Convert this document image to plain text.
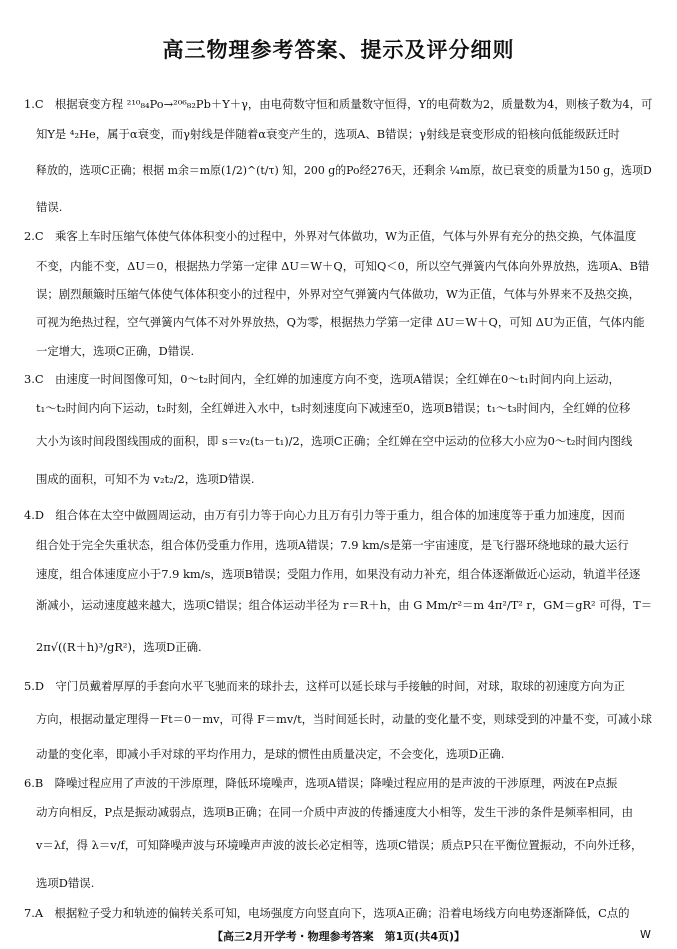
高三物理参考答案、提示及评分细则
1.C　根据衰变方程 ²¹⁰₈₄Po→²⁰⁶₈₂Pb＋Y＋γ，由电荷数守恒和质量数守恒得，Y的电荷数为2，质量数为4，则核子数为4，可
知Y是 ⁴₂He，属于α衰变，而γ射线是伴随着α衰变产生的，选项A、B错误；γ射线是衰变形成的铅核向低能级跃迁时
释放的，选项C正确；根据 m余＝m原(1/2)^(t/τ) 知，200 g的Po经276天，还剩余 ¼m原，故已衰变的质量为150 g，选项D
错误.
2.C　乘客上车时压缩气体使气体体积变小的过程中，外界对气体做功，W为正值，气体与外界有充分的热交换，气体温度
不变，内能不变，ΔU＝0，根据热力学第一定律 ΔU＝W＋Q，可知Q＜0，所以空气弹簧内气体向外界放热，选项A、B错
误；剧烈颠簸时压缩气体使气体体积变小的过程中，外界对空气弹簧内气体做功，W为正值，气体与外界来不及热交换，
可视为绝热过程，空气弹簧内气体不对外界放热，Q为零，根据热力学第一定律 ΔU＝W＋Q，可知 ΔU为正值，气体内能
一定增大，选项C正确，D错误.
3.C　由速度一时间图像可知，0～t₂时间内，全红婵的加速度方向不变，选项A错误；全红婵在0～t₁时间内向上运动，
t₁～t₂时间内向下运动，t₂时刻，全红婵进入水中，t₃时刻速度向下减速至0，选项B错误；t₁～t₃时间内，全红婵的位移
大小为该时间段图线围成的面积，即 s＝v₂(t₃－t₁)/2，选项C正确；全红婵在空中运动的位移大小应为0～t₂时间内图线
围成的面积，可知不为 v₂t₂/2，选项D错误.
4.D　组合体在太空中做圆周运动，由万有引力等于向心力且万有引力等于重力，组合体的加速度等于重力加速度，因而
组合处于完全失重状态，组合体仍受重力作用，选项A错误；7.9 km/s是第一宇宙速度，是飞行器环绕地球的最大运行
速度，组合体速度应小于7.9 km/s，选项B错误；受阻力作用，如果没有动力补充，组合体逐渐做近心运动，轨道半径逐
渐减小，运动速度越来越大，选项C错误；组合体运动半径为 r＝R＋h，由 G Mm/r²＝m 4π²/T² r，GM＝gR² 可得，T＝
2π√((R＋h)³/gR²)，选项D正确.
5.D　守门员戴着厚厚的手套向水平飞驰而来的球扑去，这样可以延长球与手接触的时间，对球，取球的初速度方向为正
方向，根据动量定理得－Ft＝0－mv，可得 F＝mv/t，当时间延长时，动量的变化量不变，则球受到的冲量不变，可减小球
动量的变化率，即减小手对球的平均作用力，是球的惯性由质量决定，不会变化，选项D正确.
6.B　降噪过程应用了声波的干涉原理，降低环境噪声，选项A错误；降噪过程应用的是声波的干涉原理，两波在P点振
动方向相反，P点是振动减弱点，选项B正确；在同一介质中声波的传播速度大小相等，发生干涉的条件是频率相同，由
v＝λf，得 λ＝v/f，可知降噪声波与环境噪声声波的波长必定相等，选项C错误；质点P只在平衡位置振动，不向外迁移，
选项D错误.
7.A　根据粒子受力和轨迹的偏转关系可知，电场强度方向竖直向下，选项A正确；沿着电场线方向电势逐渐降低，C点的
【高三2月开学考・物理参考答案　第1页(共4页)】	W
